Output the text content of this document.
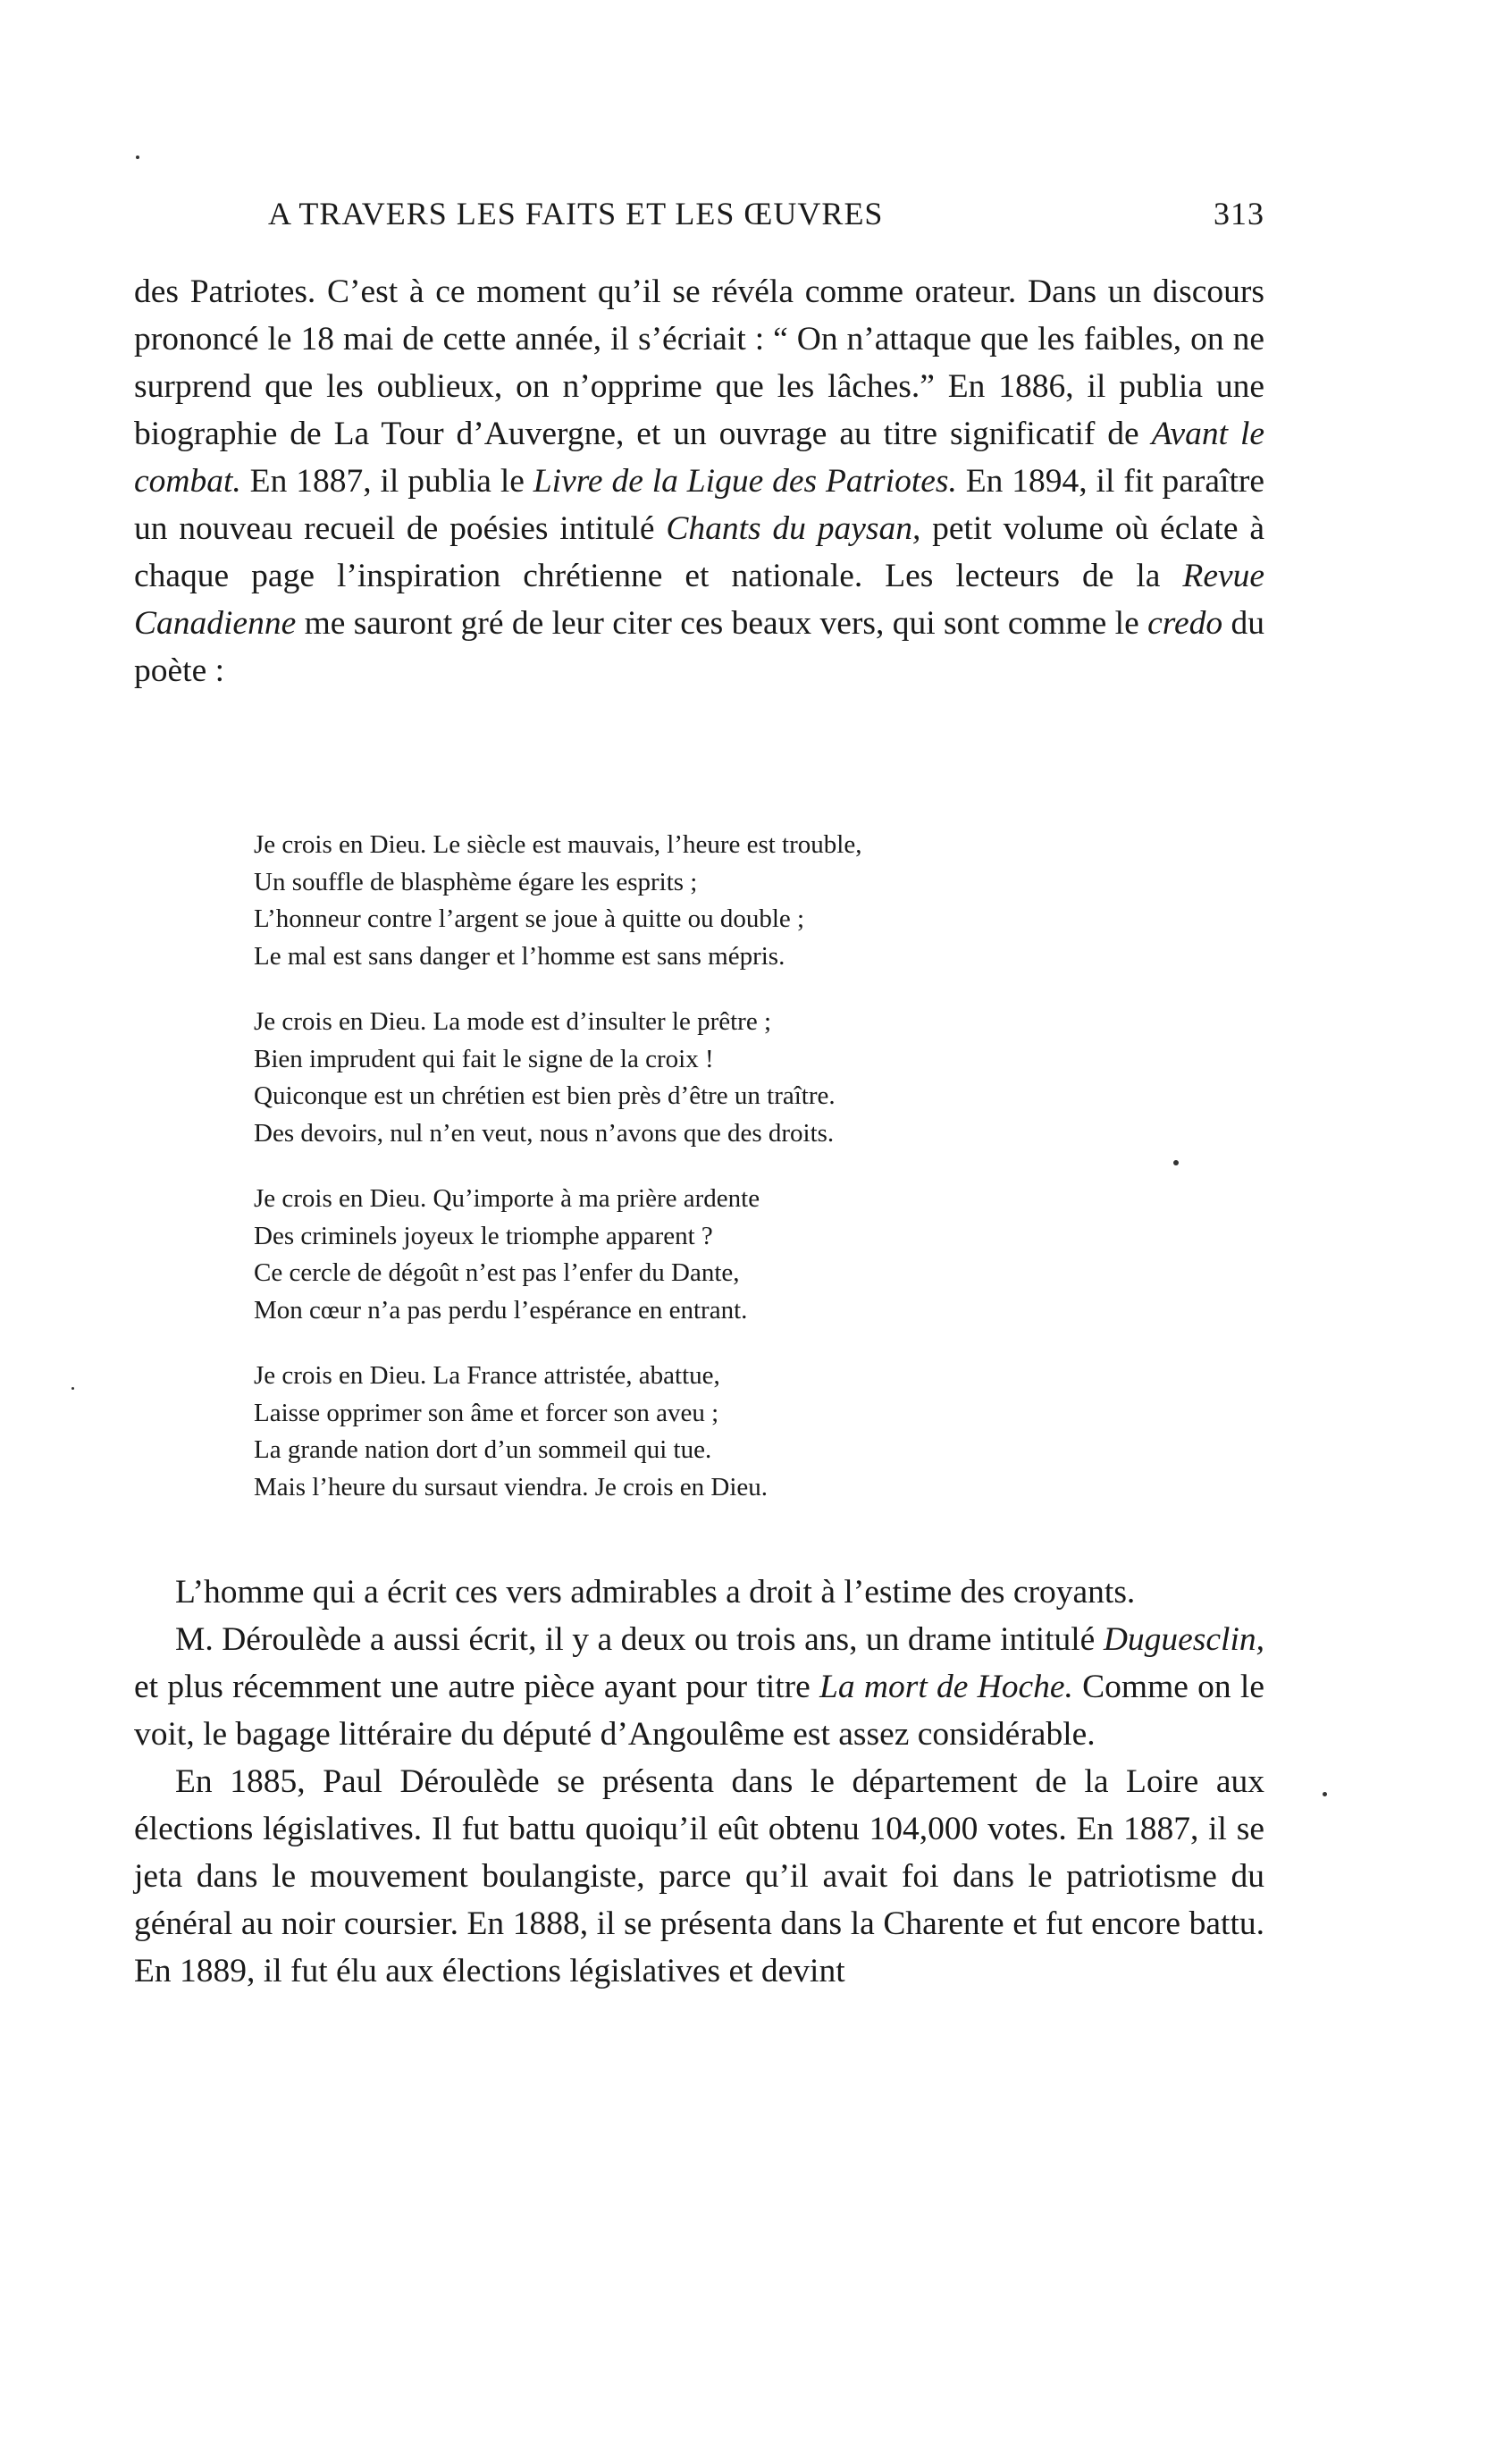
A TRAVERS LES FAITS ET LES ŒUVRES	313

des Patriotes. C’est à ce moment qu’il se révéla comme orateur. Dans un discours prononcé le 18 mai de cette année, il s’écriait : “ On n’attaque que les faibles, on ne surprend que les oublieux, on n’opprime que les lâches.” En 1886, il publia une biographie de La Tour d’Auvergne, et un ouvrage au titre significatif de Avant le combat. En 1887, il publia le Livre de la Ligue des Patriotes. En 1894, il fit paraître un nouveau recueil de poésies intitulé Chants du paysan, petit volume où éclate à chaque page l’inspiration chrétienne et nationale. Les lecteurs de la Revue Canadienne me sauront gré de leur citer ces beaux vers, qui sont comme le credo du poète :

Je crois en Dieu. Le siècle est mauvais, l’heure est trouble,
Un souffle de blasphème égare les esprits ;
L’honneur contre l’argent se joue à quitte ou double ;
Le mal est sans danger et l’homme est sans mépris.
Je crois en Dieu. La mode est d’insulter le prêtre ;
Bien imprudent qui fait le signe de la croix !
Quiconque est un chrétien est bien près d’être un traître.
Des devoirs, nul n’en veut, nous n’avons que des droits.
Je crois en Dieu. Qu’importe à ma prière ardente
Des criminels joyeux le triomphe apparent ?
Ce cercle de dégoût n’est pas l’enfer du Dante,
Mon cœur n’a pas perdu l’espérance en entrant.
Je crois en Dieu. La France attristée, abattue,
Laisse opprimer son âme et forcer son aveu ;
La grande nation dort d’un sommeil qui tue.
Mais l’heure du sursaut viendra. Je crois en Dieu.

L’homme qui a écrit ces vers admirables a droit à l’estime des croyants.

M. Déroulède a aussi écrit, il y a deux ou trois ans, un drame intitulé Duguesclin, et plus récemment une autre pièce ayant pour titre La mort de Hoche. Comme on le voit, le bagage littéraire du député d’Angoulême est assez considérable.

En 1885, Paul Déroulède se présenta dans le département de la Loire aux élections législatives. Il fut battu quoiqu’il eût obtenu 104,000 votes. En 1887, il se jeta dans le mouvement boulangiste, parce qu’il avait foi dans le patriotisme du général au noir coursier. En 1888, il se présenta dans la Charente et fut encore battu. En 1889, il fut élu aux élections législatives et devint
